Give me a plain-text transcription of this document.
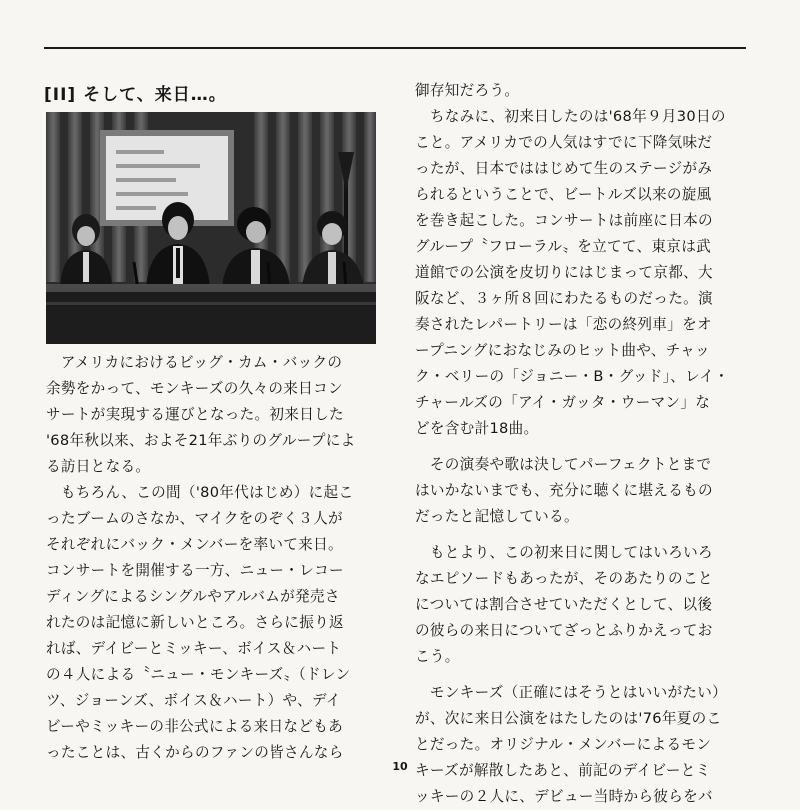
[II] そして、来日…。
　アメリカにおけるビッグ・カム・バックの
余勢をかって、モンキーズの久々の来日コン
サートが実現する運びとなった。初来日した
'68年秋以来、およそ21年ぶりのグループによ
る訪日となる。
　もちろん、この間（'80年代はじめ）に起こ
ったブームのさなか、マイクをのぞく３人が
それぞれにバック・メンバーを率いて来日。
コンサートを開催する一方、ニュー・レコー
ディングによるシングルやアルバムが発売さ
れたのは記憶に新しいところ。さらに振り返
れば、デイビーとミッキー、ボイス＆ハート
の４人による〝ニュー・モンキーズ〟（ドレン
ツ、ジョーンズ、ボイス＆ハート）や、デイ
ビーやミッキーの非公式による来日などもあ
ったことは、古くからのファンの皆さんなら
御存知だろう。
　ちなみに、初来日したのは'68年９月30日の
こと。アメリカでの人気はすでに下降気味だ
ったが、日本でははじめて生のステージがみ
られるということで、ビートルズ以来の旋風
を巻き起こした。コンサートは前座に日本の
グループ〝フローラル〟を立てて、東京は武
道館での公演を皮切りにはじまって京都、大
阪など、３ヶ所８回にわたるものだった。演
奏されたレパートリーは「恋の終列車」をオ
ープニングにおなじみのヒット曲や、チャッ
ク・ベリーの「ジョニー・B・グッド」、レイ・
チャールズの「アイ・ガッタ・ウーマン」な
どを含む計18曲。
　その演奏や歌は決してパーフェクトとまで
はいかないまでも、充分に聴くに堪えるもの
だったと記憶している。
　もとより、この初来日に関してはいろいろ
なエピソードもあったが、そのあたりのこと
については割合させていただくとして、以後
の彼らの来日についてざっとふりかえってお
こう。
　モンキーズ（正確にはそうとはいいがたい）
が、次に来日公演をはたしたのは'76年夏のこ
とだった。オリジナル・メンバーによるモン
キーズが解散したあと、前記のデイビーとミ
ッキーの２人に、デビュー当時から彼らをバ
10
